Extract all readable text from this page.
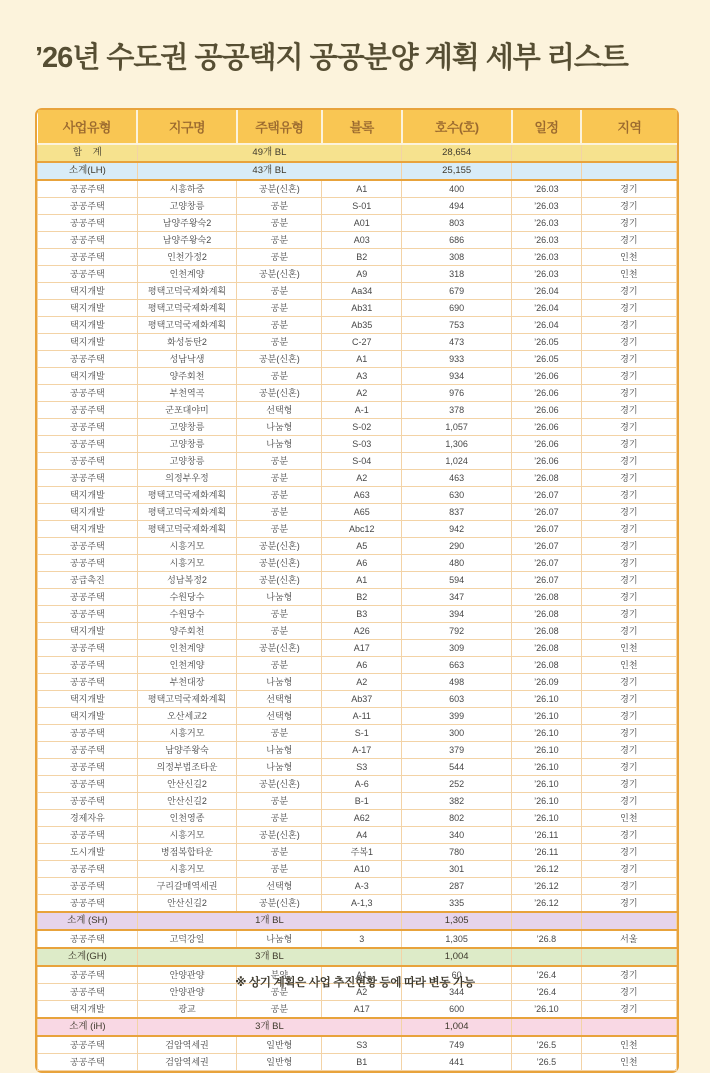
’26년 수도권 공공택지 공공분양 계획 세부 리스트
사업유형	지구명	주택유형	블록	호수(호)	일정	지역
합    계	49개 BL			28,654		
소계(LH)	43개 BL			25,155		
공공주택	시흥하중	공분(신혼)	A1	400	’26.03	경기
공공주택	고양창릉	공분	S-01	494	’26.03	경기
공공주택	남양주왕숙2	공분	A01	803	’26.03	경기
공공주택	남양주왕숙2	공분	A03	686	’26.03	경기
공공주택	인천가정2	공분	B2	308	’26.03	인천
공공주택	인천계양	공분(신혼)	A9	318	’26.03	인천
택지개발	평택고덕국제화계획	공분	Aa34	679	’26.04	경기
택지개발	평택고덕국제화계획	공분	Ab31	690	’26.04	경기
택지개발	평택고덕국제화계획	공분	Ab35	753	’26.04	경기
택지개발	화성동탄2	공분	C-27	473	’26.05	경기
공공주택	성남낙생	공분(신혼)	A1	933	’26.05	경기
택지개발	양주회천	공분	A3	934	’26.06	경기
공공주택	부천역곡	공분(신혼)	A2	976	’26.06	경기
공공주택	군포대야미	선택형	A-1	378	’26.06	경기
공공주택	고양창릉	나눔형	S-02	1,057	’26.06	경기
공공주택	고양창릉	나눔형	S-03	1,306	’26.06	경기
공공주택	고양창릉	공분	S-04	1,024	’26.06	경기
공공주택	의정부우정	공분	A2	463	’26.08	경기
택지개발	평택고덕국제화계획	공분	A63	630	’26.07	경기
택지개발	평택고덕국제화계획	공분	A65	837	’26.07	경기
택지개발	평택고덕국제화계획	공분	Abc12	942	’26.07	경기
공공주택	시흥거모	공분(신혼)	A5	290	’26.07	경기
공공주택	시흥거모	공분(신혼)	A6	480	’26.07	경기
공급촉진	성남복정2	공분(신혼)	A1	594	’26.07	경기
공공주택	수원당수	나눔형	B2	347	’26.08	경기
공공주택	수원당수	공분	B3	394	’26.08	경기
택지개발	양주회천	공분	A26	792	’26.08	경기
공공주택	인천계양	공분(신혼)	A17	309	’26.08	인천
공공주택	인천계양	공분	A6	663	’26.08	인천
공공주택	부천대장	나눔형	A2	498	’26.09	경기
택지개발	평택고덕국제화계획	선택형	Ab37	603	’26.10	경기
택지개발	오산세교2	선택형	A-11	399	’26.10	경기
공공주택	시흥거모	공분	S-1	300	’26.10	경기
공공주택	남양주왕숙	나눔형	A-17	379	’26.10	경기
공공주택	의정부법조타운	나눔형	S3	544	’26.10	경기
공공주택	안산신길2	공분(신혼)	A-6	252	’26.10	경기
공공주택	안산신길2	공분	B-1	382	’26.10	경기
경제자유	인천영종	공분	A62	802	’26.10	인천
공공주택	시흥거모	공분(신혼)	A4	340	’26.11	경기
도시개발	병점복합타운	공분	주복1	780	’26.11	경기
공공주택	시흥거모	공분	A10	301	’26.12	경기
공공주택	구리갈매역세권	선택형	A-3	287	’26.12	경기
공공주택	안산신길2	공분(신혼)	A-1,3	335	’26.12	경기
소계 (SH)	1개 BL			1,305		
공공주택	고덕강일	나눔형	3	1,305	’26.8	서울
소계(GH)	3개 BL			1,004		
공공주택	안양관양	분양	A1	60	’26.4	경기
공공주택	안양관양	공분	A2	344	’26.4	경기
택지개발	광교	공분	A17	600	’26.10	경기
소계 (iH)	3개 BL			1,004		
공공주택	검암역세권	일반형	S3	749	’26.5	인천
공공주택	검암역세권	일반형	B1	441	’26.5	인천

※ 상기 계획은 사업 추진현황 등에 따라 변동 가능
